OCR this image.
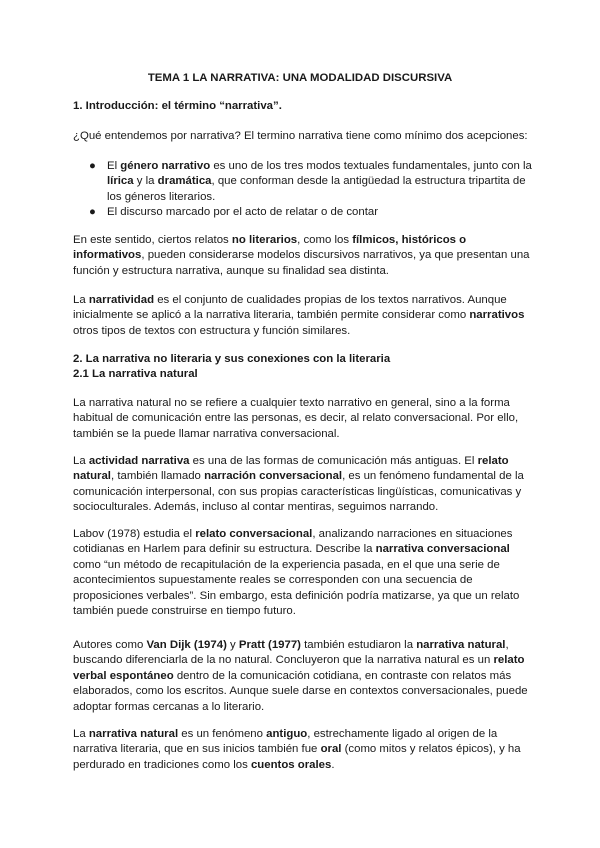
TEMA 1 LA NARRATIVA: UNA MODALIDAD DISCURSIVA

1. Introducción: el término “narrativa”.

¿Qué entendemos por narrativa? El termino narrativa tiene como mínimo dos acepciones:

● El género narrativo es uno de los tres modos textuales fundamentales, junto con la lírica y la dramática, que conforman desde la antigüedad la estructura tripartita de los géneros literarios.
● El discurso marcado por el acto de relatar o de contar

En este sentido, ciertos relatos no literarios, como los fílmicos, históricos o informativos, pueden considerarse modelos discursivos narrativos, ya que presentan una función y estructura narrativa, aunque su finalidad sea distinta.

La narratividad es el conjunto de cualidades propias de los textos narrativos. Aunque inicialmente se aplicó a la narrativa literaria, también permite considerar como narrativos otros tipos de textos con estructura y función similares.

2. La narrativa no literaria y sus conexiones con la literaria

2.1 La narrativa natural

La narrativa natural no se refiere a cualquier texto narrativo en general, sino a la forma habitual de comunicación entre las personas, es decir, al relato conversacional. Por ello, también se la puede llamar narrativa conversacional.

La actividad narrativa es una de las formas de comunicación más antiguas. El relato natural, también llamado narración conversacional, es un fenómeno fundamental de la comunicación interpersonal, con sus propias características lingüísticas, comunicativas y socioculturales. Además, incluso al contar mentiras, seguimos narrando.

Labov (1978) estudia el relato conversacional, analizando narraciones en situaciones cotidianas en Harlem para definir su estructura. Describe la narrativa conversacional como “un método de recapitulación de la experiencia pasada, en el que una serie de acontecimientos supuestamente reales se corresponden con una secuencia de proposiciones verbales”. Sin embargo, esta definición podría matizarse, ya que un relato también puede construirse en tiempo futuro.

Autores como Van Dijk (1974) y Pratt (1977) también estudiaron la narrativa natural, buscando diferenciarla de la no natural. Concluyeron que la narrativa natural es un relato verbal espontáneo dentro de la comunicación cotidiana, en contraste con relatos más elaborados, como los escritos. Aunque suele darse en contextos conversacionales, puede adoptar formas cercanas a lo literario.

La narrativa natural es un fenómeno antiguo, estrechamente ligado al origen de la narrativa literaria, que en sus inicios también fue oral (como mitos y relatos épicos), y ha perdurado en tradiciones como los cuentos orales.
